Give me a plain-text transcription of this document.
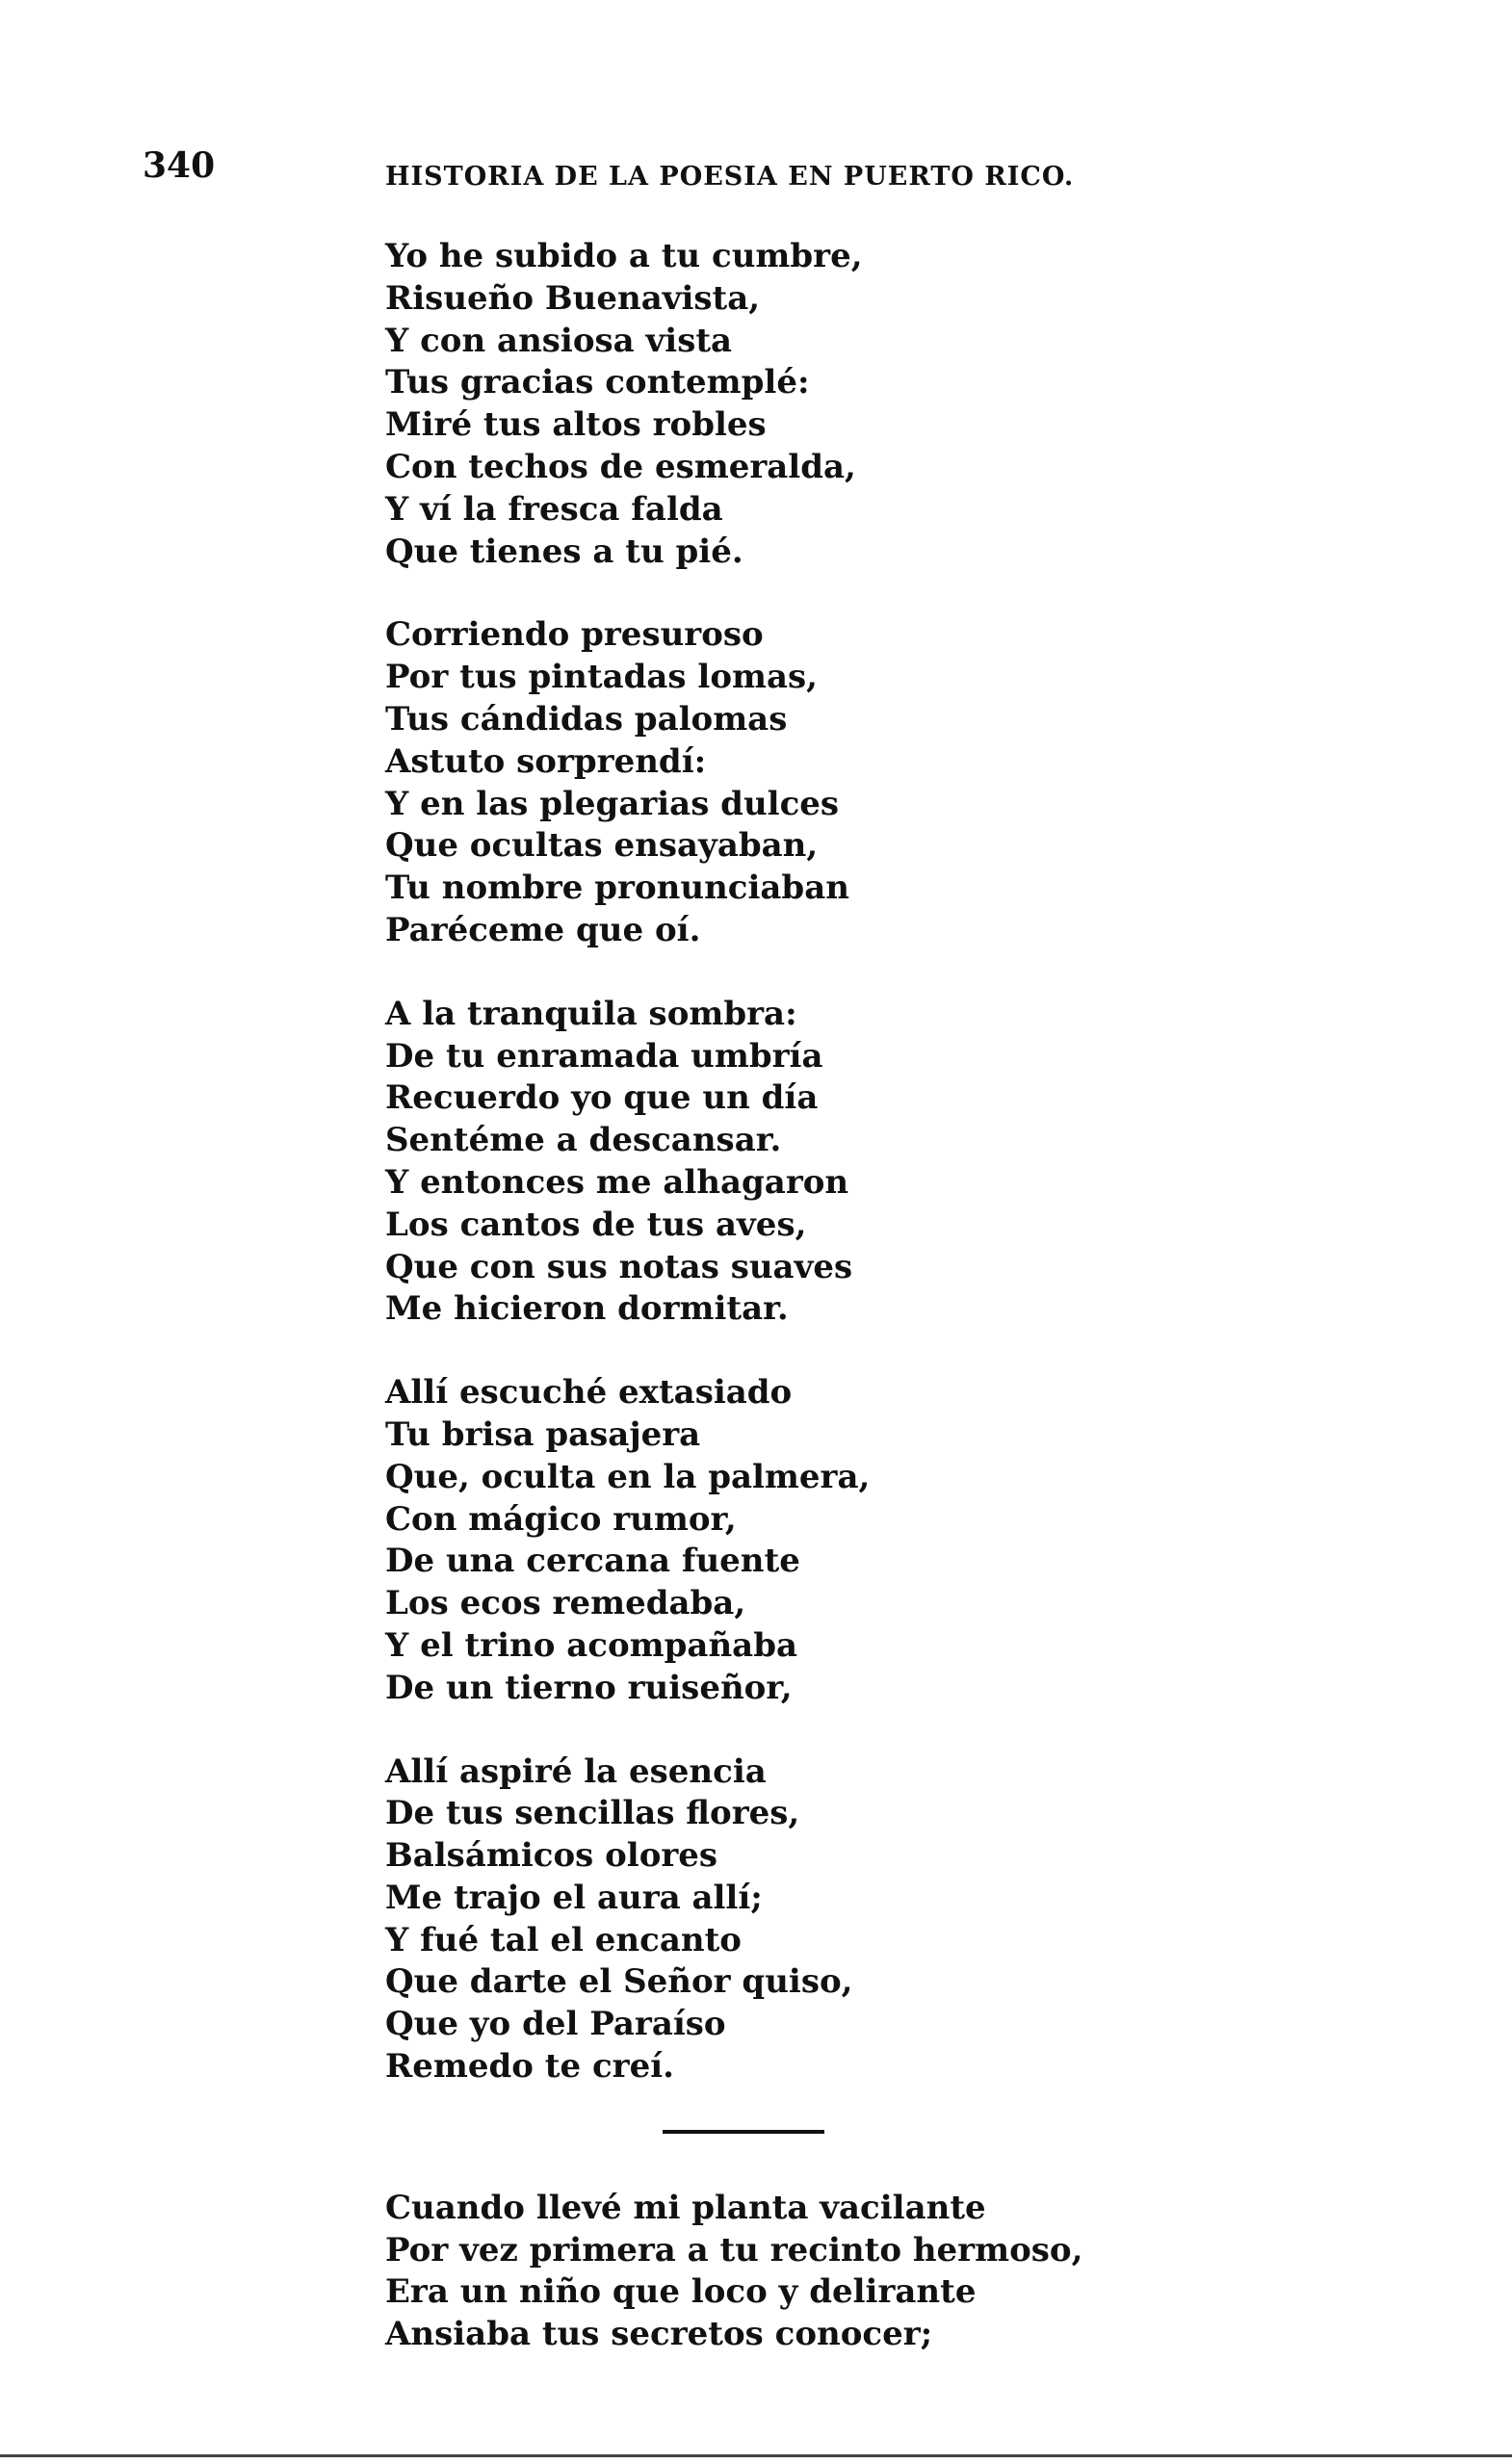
340	HISTORIA DE LA POESIA EN PUERTO RICO.
Yo he subido a tu cumbre,
Risueño Buenavista,
Y con ansiosa vista
Tus gracias contemplé:
Miré tus altos robles
Con techos de esmeralda,
Y ví la fresca falda
Que tienes a tu pié.
Corriendo presuroso
Por tus pintadas lomas,
Tus cándidas palomas
Astuto sorprendí:
Y en las plegarias dulces
Que ocultas ensayaban,
Tu nombre pronunciaban
Paréceme que oí.
A la tranquila sombra:
De tu enramada umbría
Recuerdo yo que un día
Sentéme a descansar.
Y entonces me alhagaron
Los cantos de tus aves,
Que con sus notas suaves
Me hicieron dormitar.
Allí escuché extasiado
Tu brisa pasajera
Que, oculta en la palmera,
Con mágico rumor,
De una cercana fuente
Los ecos remedaba,
Y el trino acompañaba
De un tierno ruiseñor,
Allí aspiré la esencia
De tus sencillas flores,
Balsámicos olores
Me trajo el aura allí;
Y fué tal el encanto
Que darte el Señor quiso,
Que yo del Paraíso
Remedo te creí.
Cuando llevé mi planta vacilante
Por vez primera a tu recinto hermoso,
Era un niño que loco y delirante
Ansiaba tus secretos conocer;
